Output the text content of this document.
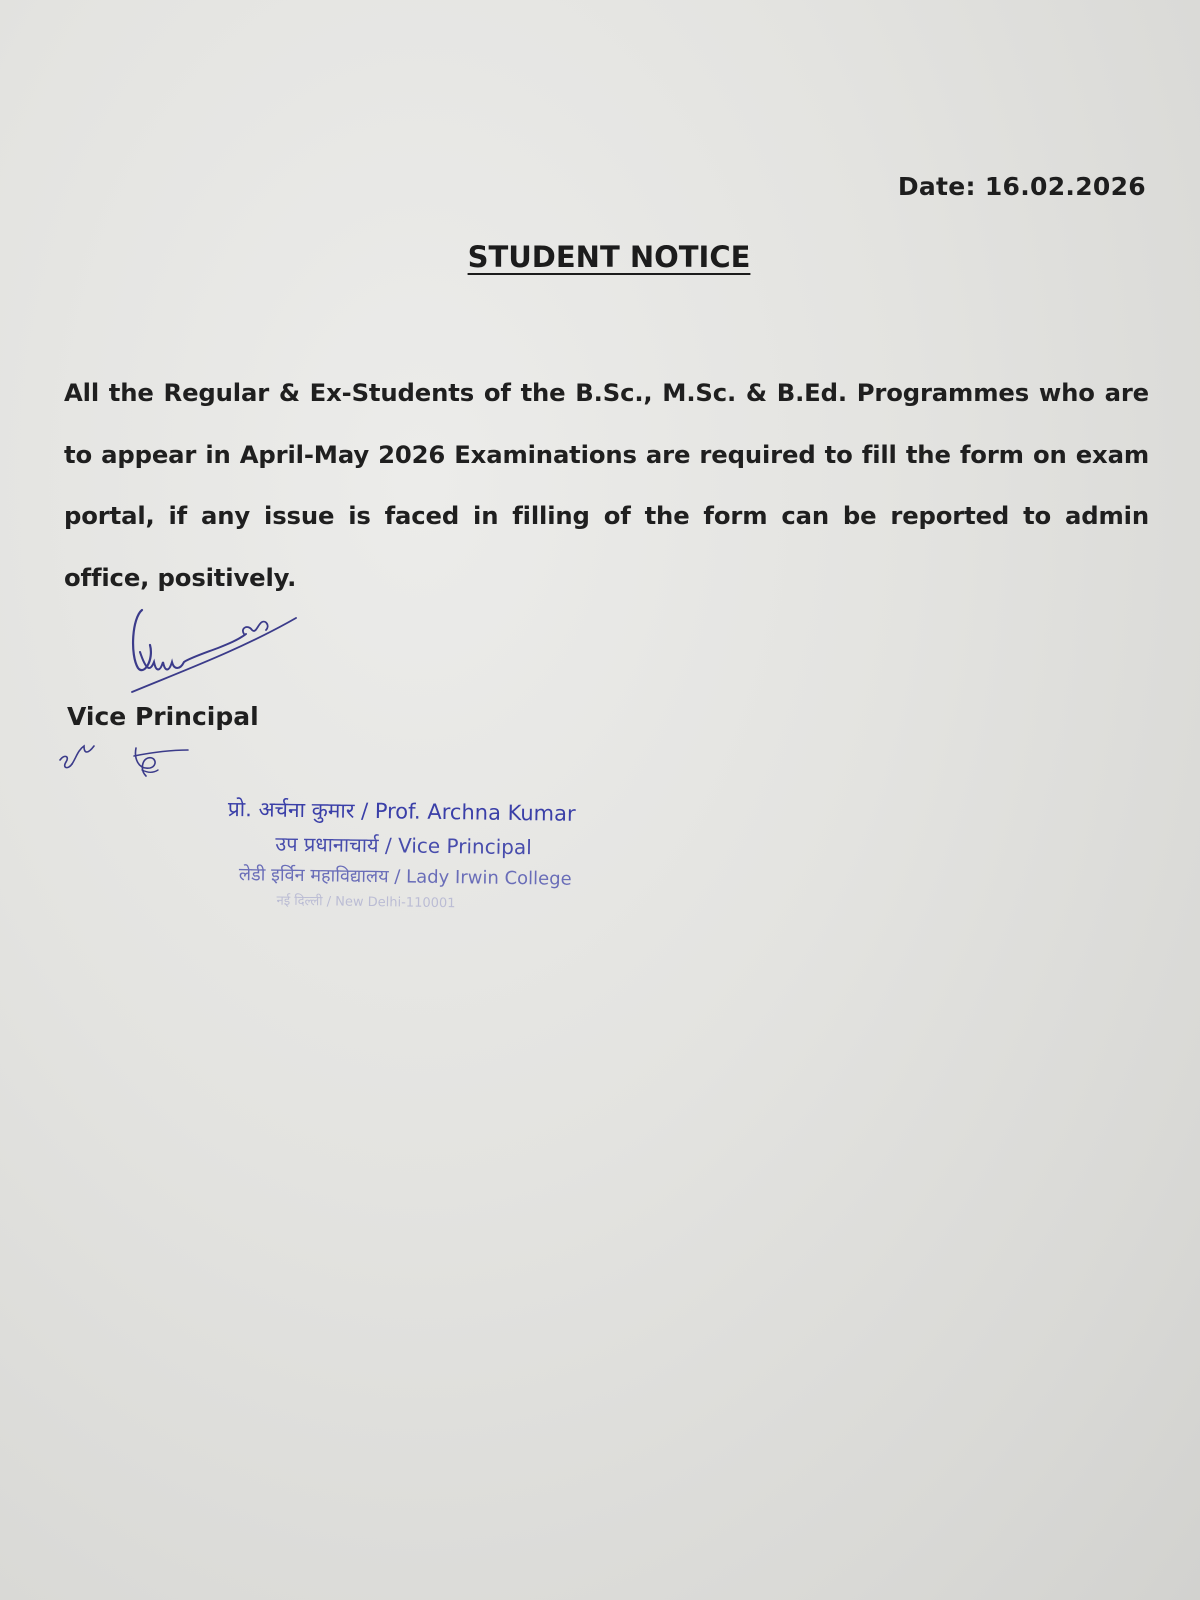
Date: 16.02.2026
STUDENT NOTICE
All the Regular & Ex-Students of the B.Sc., M.Sc. & B.Ed. Programmes who are to appear in April-May 2026 Examinations are required to fill the form on exam portal, if any issue is faced in filling of the form can be reported to admin office, positively.
Vice Principal
प्रो. अर्चना कुमार / Prof. Archna Kumar
उप प्रधानाचार्य / Vice Principal
लेडी इर्विन महाविद्यालय / Lady Irwin College
नई दिल्ली / New Delhi-110001
